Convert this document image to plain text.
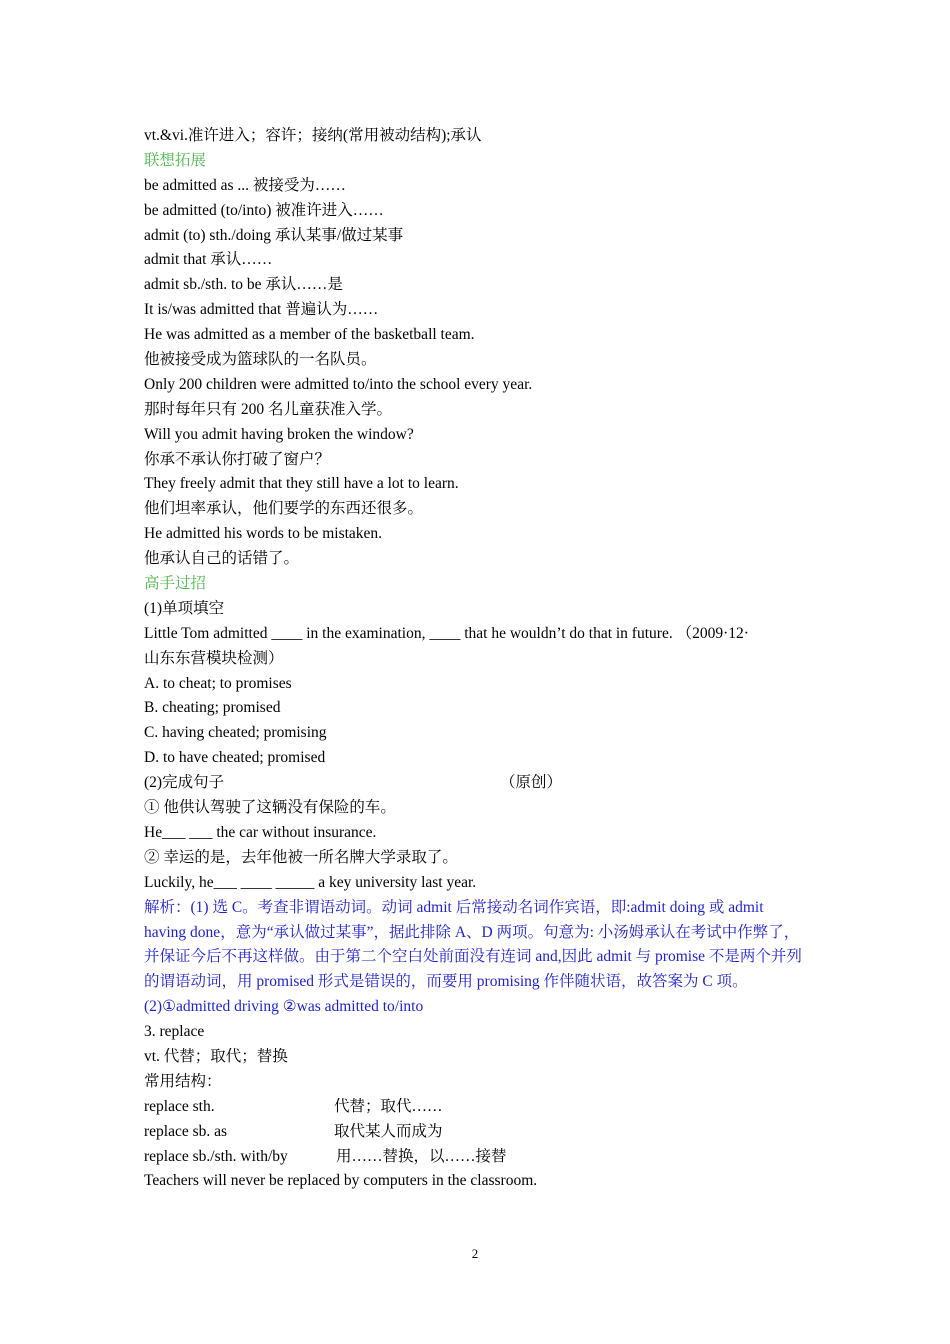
vt.&vi.准许进入；容许；接纳(常用被动结构);承认
联想拓展
be admitted as ... 被接受为……
be admitted (to/into) 被准许进入……
admit (to) sth./doing 承认某事/做过某事
admit that 承认……
admit sb./sth. to be 承认……是
It is/was admitted that 普遍认为……
He was admitted as a member of the basketball team.
他被接受成为篮球队的一名队员。
Only 200 children were admitted to/into the school every year.
那时每年只有 200 名儿童获准入学。
Will you admit having broken the window?
你承不承认你打破了窗户？
They freely admit that they still have a lot to learn.
他们坦率承认，他们要学的东西还很多。
He admitted his words to be mistaken.
他承认自己的话错了。
高手过招
(1)单项填空
Little Tom admitted ____ in the examination, ____ that he wouldn’t do that in future. （2009·12·
山东东营模块检测）
A. to cheat; to promises
B. cheating; promised
C. having cheated; promising
D. to have cheated; promised
(2)完成句子	（原创）
① 他供认驾驶了这辆没有保险的车。
He___ ___ the car without insurance.
② 幸运的是，去年他被一所名牌大学录取了。
Luckily, he___ ____ _____ a key university last year.
解析：(1) 选 C。考查非谓语动词。动词 admit 后常接动名词作宾语，即:admit doing 或 admit having done，意为“承认做过某事”，据此排除 A、D 两项。句意为: 小汤姆承认在考试中作弊了，并保证今后不再这样做。由于第二个空白处前面没有连词 and,因此 admit 与 promise 不是两个并列的谓语动词，用 promised 形式是错误的，而要用 promising 作伴随状语，故答案为 C 项。
(2)①admitted driving ②was admitted to/into
3. replace
vt. 代替；取代；替换
常用结构：
replace sth.	代替；取代……
replace sb. as	取代某人而成为
replace sb./sth. with/by	用……替换，以……接替
Teachers will never be replaced by computers in the classroom.
2
